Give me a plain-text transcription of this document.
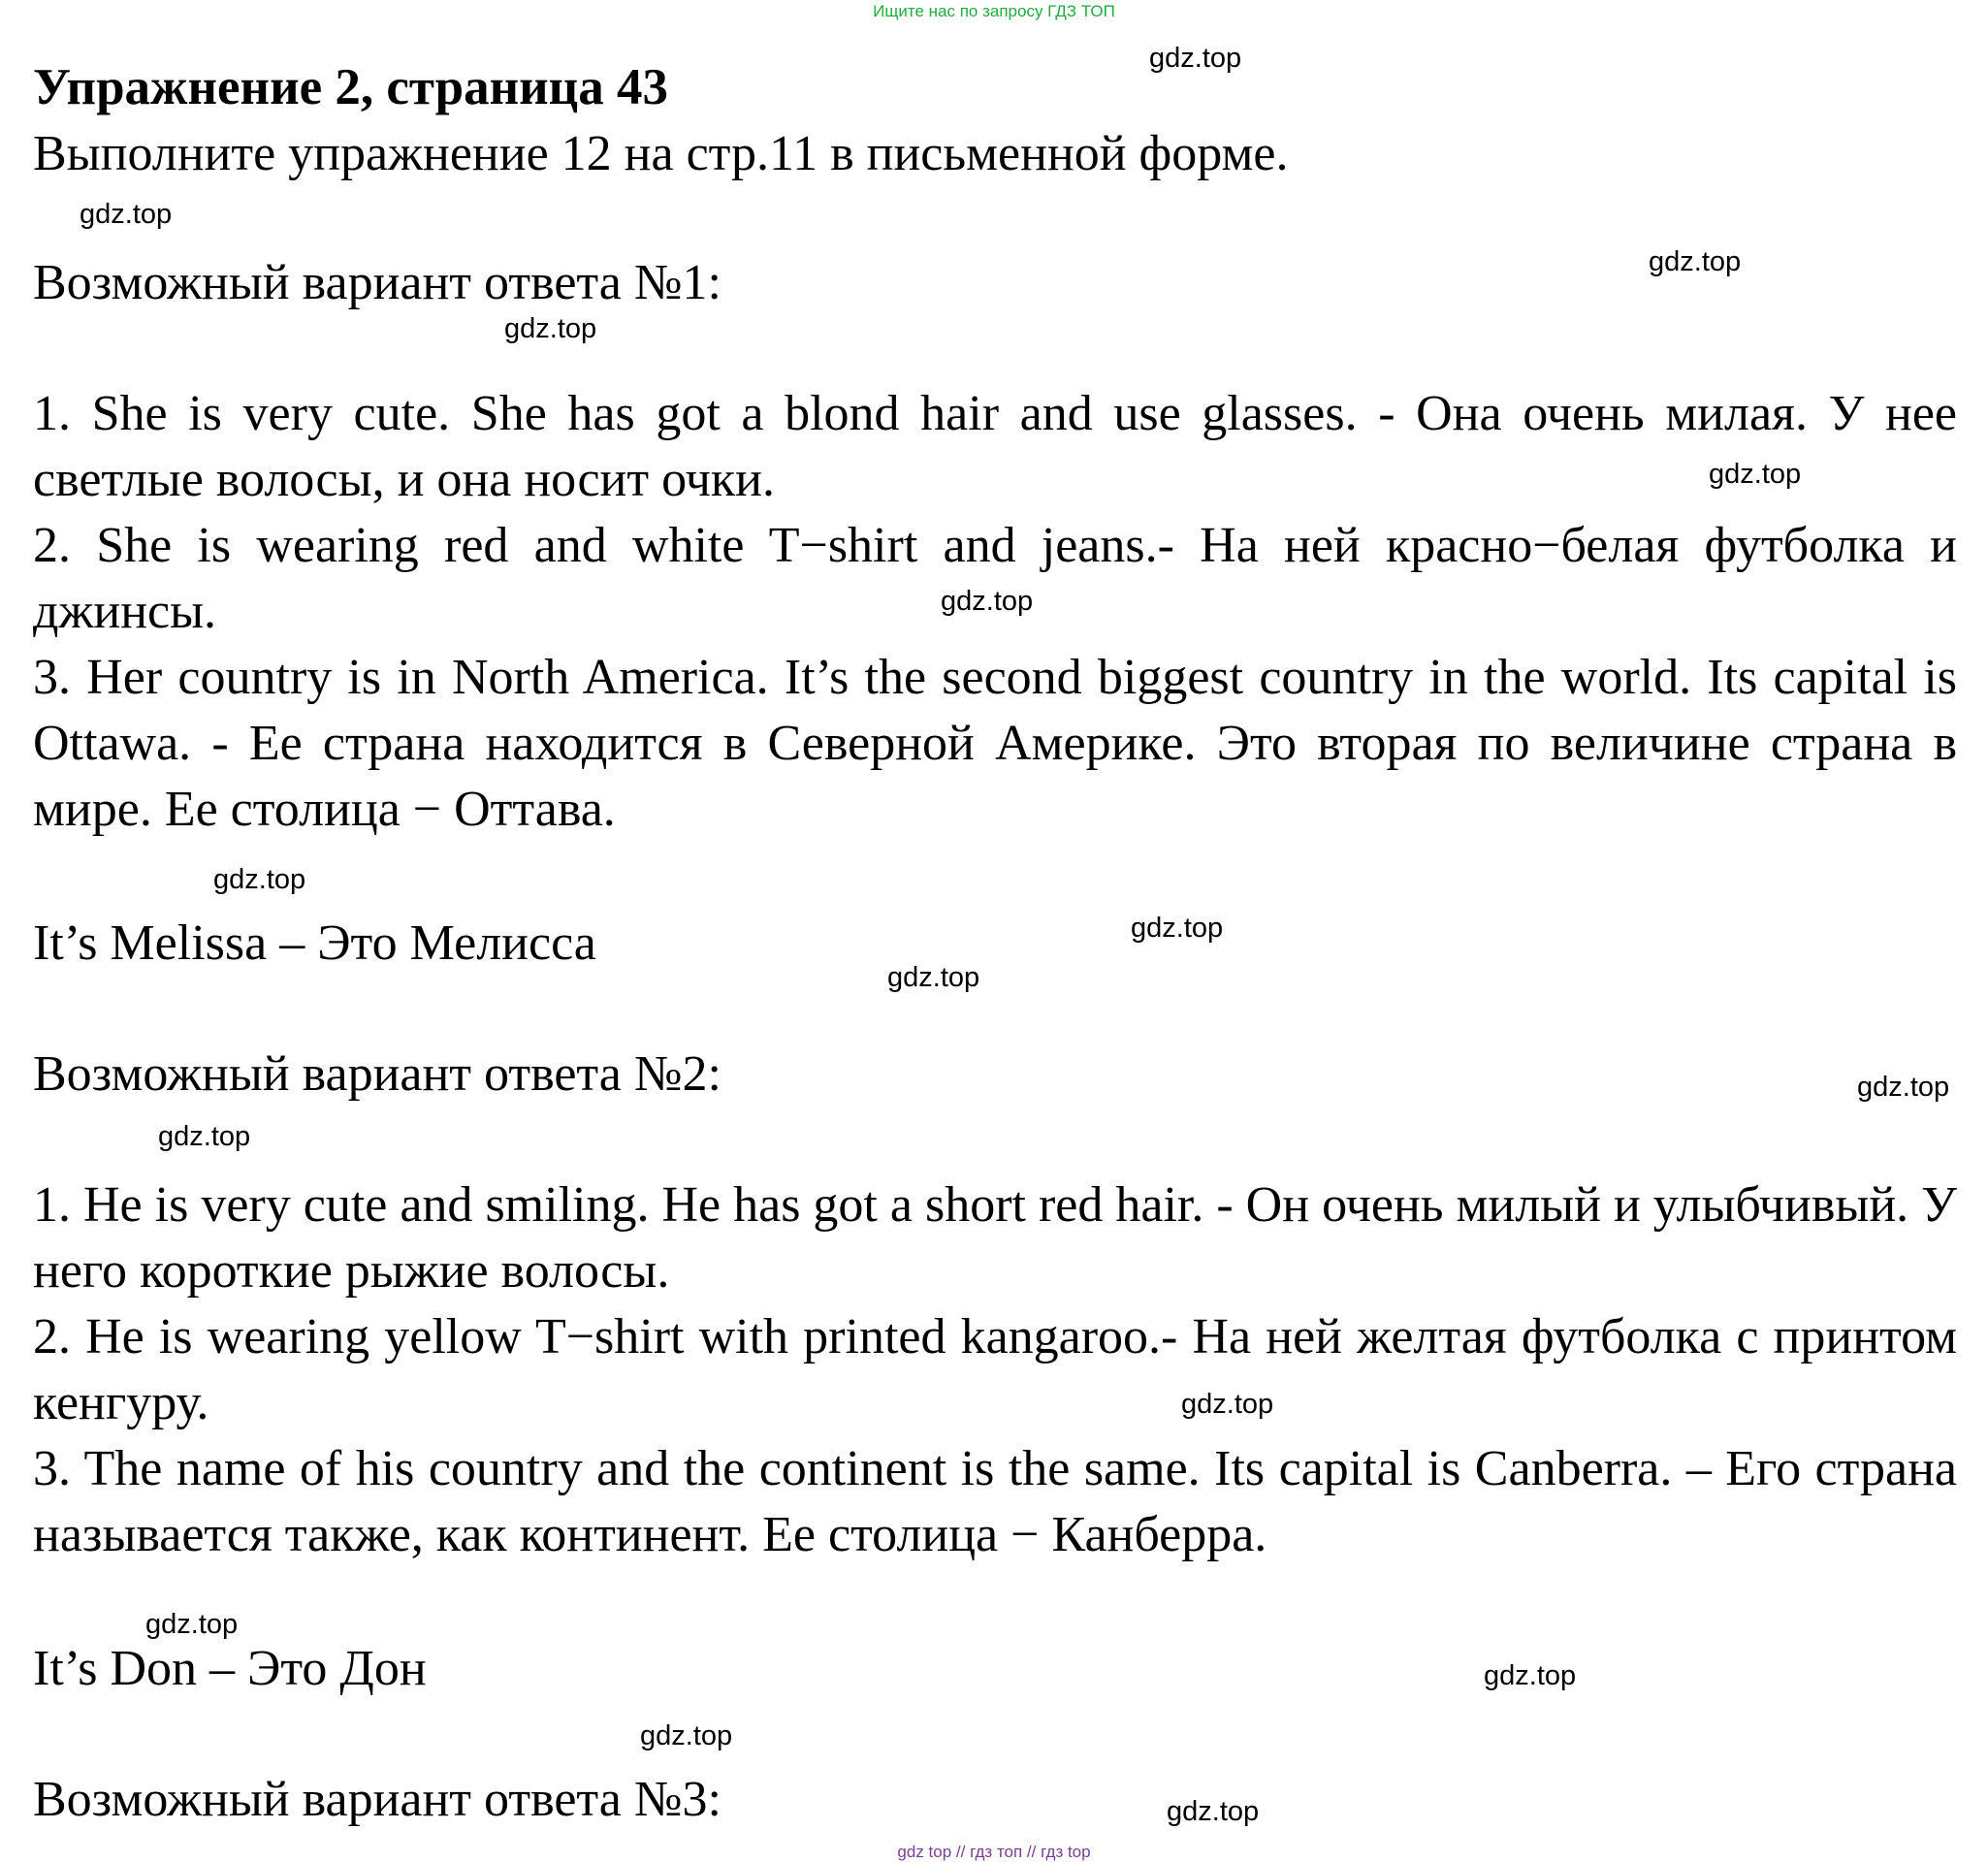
Ищите нас по запросу ГДЗ ТОП
Упражнение 2, страница 43
Выполните упражнение 12 на стр.11 в письменной форме.
Возможный вариант ответа №1:
1. She is very cute. She has got a blond hair and use glasses. - Она очень милая. У нее светлые волосы, и она носит очки.
2. She is wearing red and white T−shirt and jeans.- На ней красно−белая футболка и джинсы.
3. Her country is in North America. It’s the second biggest country in the world. Its capital is Ottawa. - Ее страна находится в Северной Америке. Это вторая по величине страна в мире. Ее столица − Оттава.
It’s Melissa – Это Мелисса
Возможный вариант ответа №2:
1. He is very cute and smiling. He has got a short red hair. - Он очень милый и улыбчивый. У него короткие рыжие волосы.
2. He is wearing yellow T−shirt with printed kangaroo.- На ней желтая футболка с принтом кенгуру.
3. The name of his country and the continent is the same. Its capital is Canberra. – Его страна называется также, как континент. Ее столица − Канберра.
It’s Don – Это Дон
Возможный вариант ответа №3:
gdz.top
gdz.top
gdz.top
gdz.top
gdz.top
gdz.top
gdz.top
gdz.top
gdz.top
gdz.top
gdz.top
gdz.top
gdz.top
gdz.top
gdz.top
gdz.top
gdz top // гдз топ // гдз top
